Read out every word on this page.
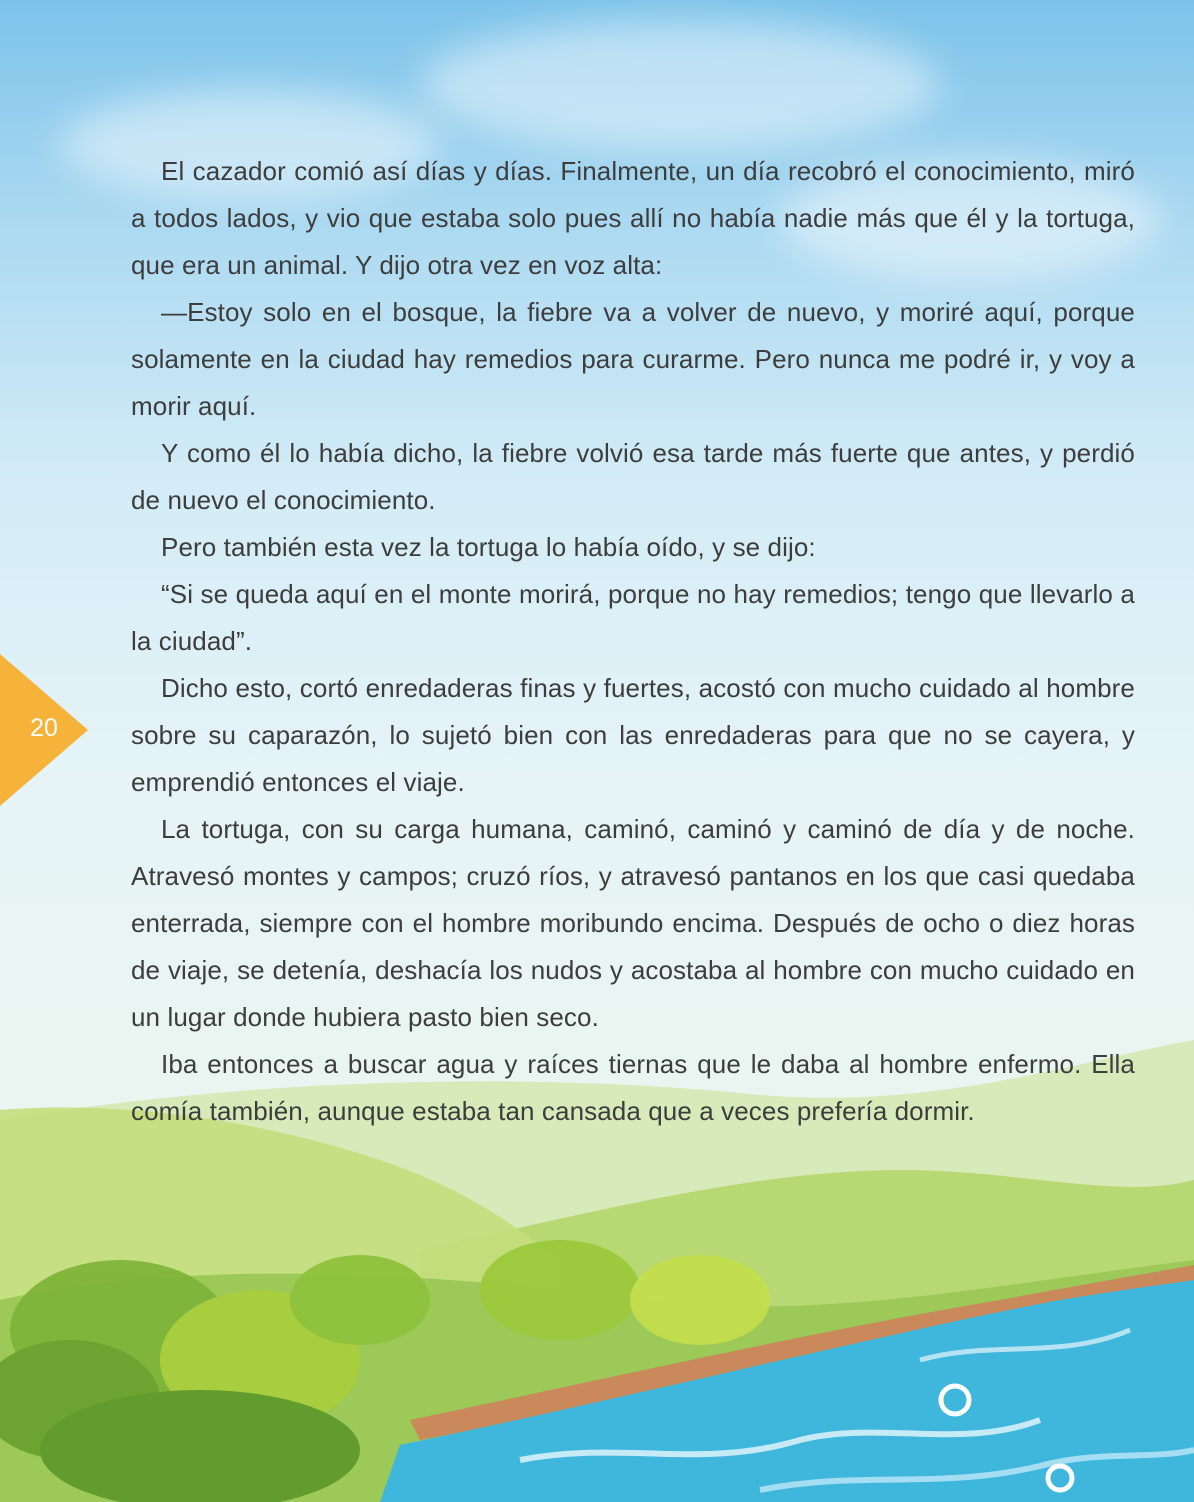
20

El cazador comió así días y días. Finalmente, un día recobró el conocimiento, miró a todos lados, y vio que estaba solo pues allí no había nadie más que él y la tortuga, que era un animal. Y dijo otra vez en voz alta:

—Estoy solo en el bosque, la fiebre va a volver de nuevo, y moriré aquí, porque solamente en la ciudad hay remedios para curarme. Pero nunca me podré ir, y voy a morir aquí.

Y como él lo había dicho, la fiebre volvió esa tarde más fuerte que antes, y perdió de nuevo el conocimiento.

Pero también esta vez la tortuga lo había oído, y se dijo:

“Si se queda aquí en el monte morirá, porque no hay remedios; tengo que llevarlo a la ciudad”.

Dicho esto, cortó enredaderas finas y fuertes, acostó con mucho cuidado al hombre sobre su caparazón, lo sujetó bien con las enredaderas para que no se cayera, y emprendió entonces el viaje.

La tortuga, con su carga humana, caminó, caminó y caminó de día y de noche. Atravesó montes y campos; cruzó ríos, y atravesó pantanos en los que casi quedaba enterrada, siempre con el hombre moribundo encima. Después de ocho o diez horas de viaje, se detenía, deshacía los nudos y acostaba al hombre con mucho cuidado en un lugar donde hubiera pasto bien seco.

Iba entonces a buscar agua y raíces tiernas que le daba al hombre enfermo. Ella comía también, aunque estaba tan cansada que a veces prefería dormir.
